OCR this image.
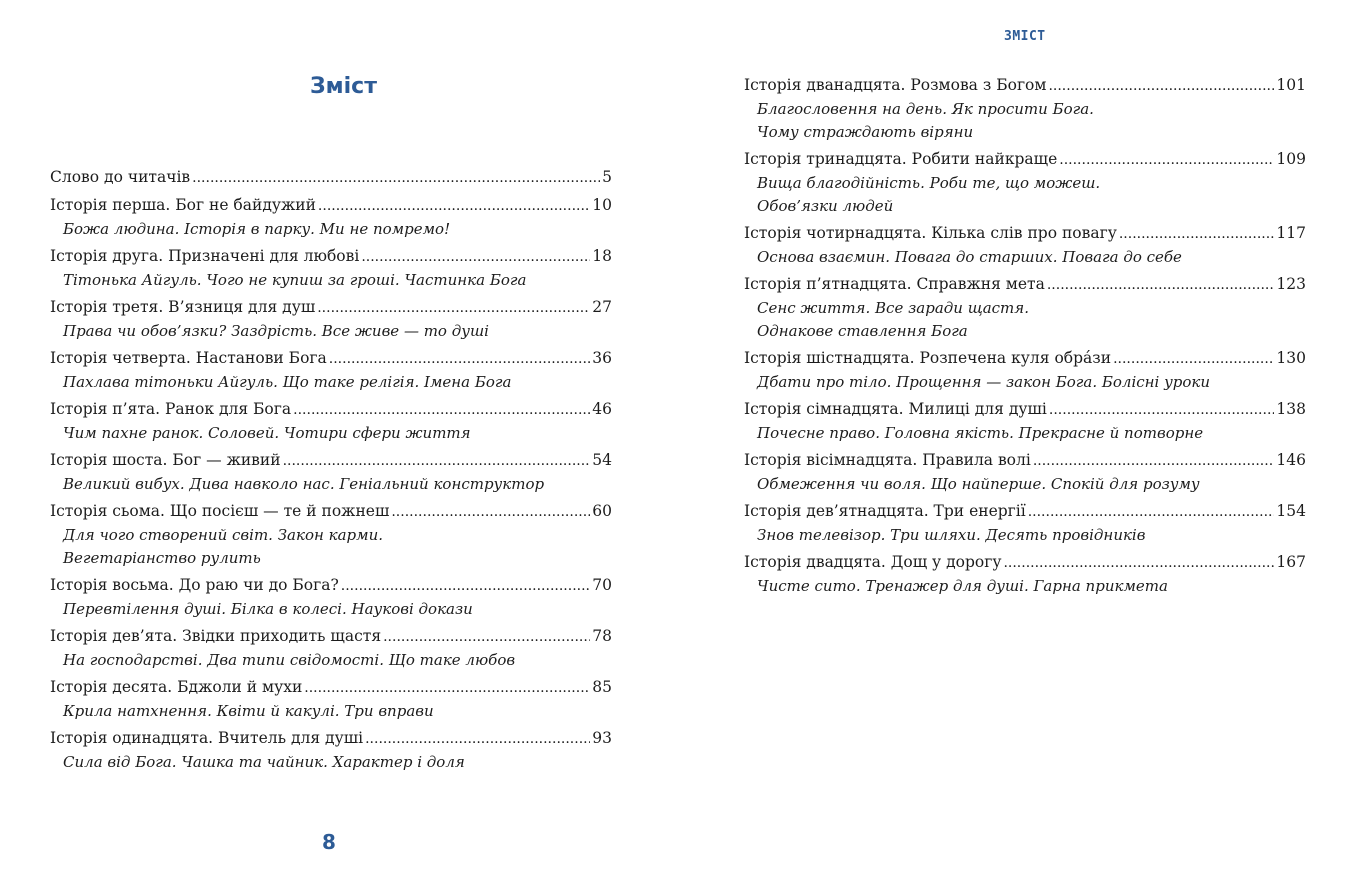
Зміст
Слово до читачів .....	5
Історія перша. Бог не байдужий .....	10
Божа людина. Історія в парку. Ми не помремо!
Історія друга. Призначені для любові .....	18
Тітонька Айгуль. Чого не купиш за гроші. Частинка Бога
Історія третя. В’язниця для душ .....	27
Права чи обов’язки? Заздрість. Все живе — то душі
Історія четверта. Настанови Бога .....	36
Пахлава тітоньки Айгуль. Що таке релігія. Імена Бога
Історія п’ята. Ранок для Бога .....	46
Чим пахне ранок. Соловей. Чотири сфери життя
Історія шоста. Бог — живий .....	54
Великий вибух. Дива навколо нас. Геніальний конструктор
Історія сьома. Що посієш — те й пожнеш .....	60
Для чого створений світ. Закон карми.
Вегетаріанство рулить
Історія восьма. До раю чи до Бога? .....	70
Перевтілення душі. Білка в колесі. Наукові докази
Історія дев’ята. Звідки приходить щастя .....	78
На господарстві. Два типи свідомості. Що таке любов
Історія десята. Бджоли й мухи .....	85
Крила натхнення. Квіти й какулі. Три вправи
Історія одинадцята. Вчитель для душі .....	93
Сила від Бога. Чашка та чайник. Характер і доля
8
ЗМІСТ
Історія дванадцята. Розмова з Богом .....	101
Благословення на день. Як просити Бога.
Чому страждають віряни
Історія тринадцята. Робити найкраще .....	109
Вища благодійність. Роби те, що можеш.
Обов’язки людей
Історія чотирнадцята. Кілька слів про повагу .....	117
Основа взаємин. Повага до старших. Повага до себе
Історія п’ятнадцята. Справжня мета .....	123
Сенс життя. Все заради щастя.
Однакове ставлення Бога
Історія шістнадцята. Розпечена куля обрáзи .....	130
Дбати про тіло. Прощення — закон Бога. Болісні уроки
Історія сімнадцята. Милиці для душі .....	138
Почесне право. Головна якість. Прекрасне й потворне
Історія вісімнадцята. Правила волі .....	146
Обмеження чи воля. Що найперше. Спокій для розуму
Історія дев’ятнадцята. Три енергії .....	154
Знов телевізор. Три шляхи. Десять провідників
Історія двадцята. Дощ у дорогу .....	167
Чисте сито. Тренажер для душі. Гарна прикмета
